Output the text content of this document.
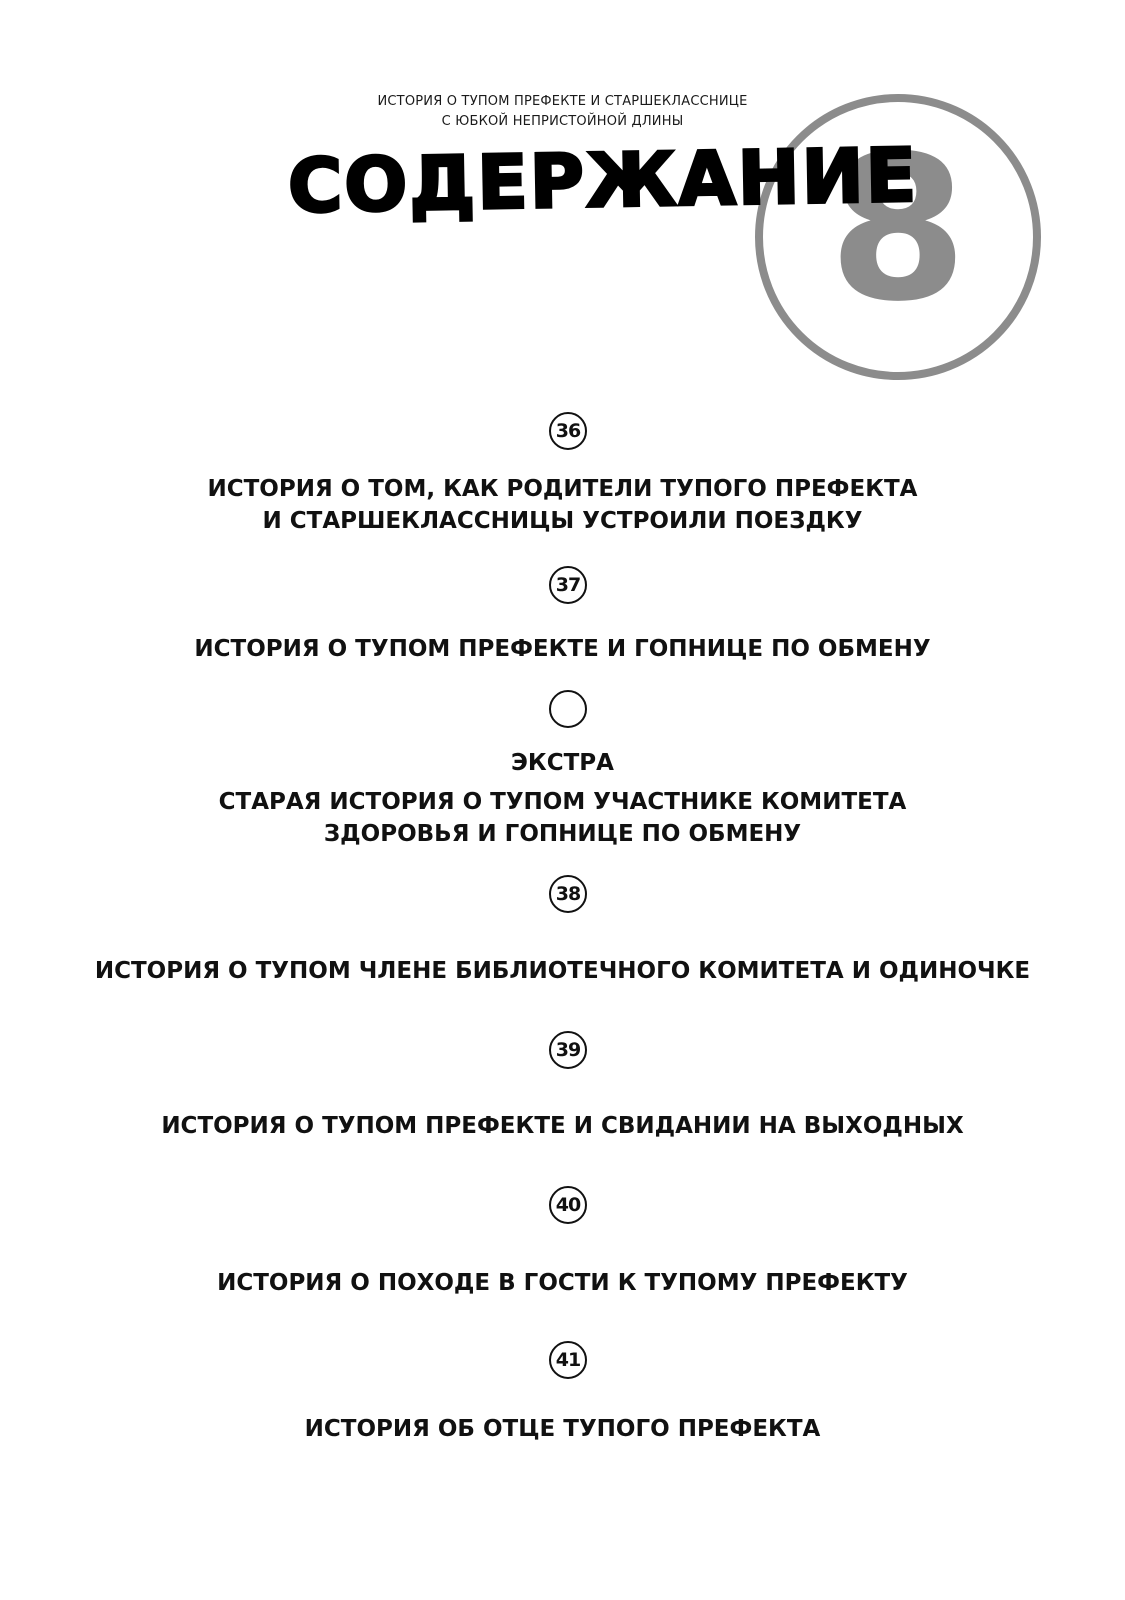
ИСТОРИЯ О ТУПОМ ПРЕФЕКТЕ И СТАРШЕКЛАССНИЦЕ
С ЮБКОЙ НЕПРИСТОЙНОЙ ДЛИНЫ 8
СОДЕРЖАНИЕ
36
ИСТОРИЯ О ТОМ, КАК РОДИТЕЛИ ТУПОГО ПРЕФЕКТА
И СТАРШЕКЛАССНИЦЫ УСТРОИЛИ ПОЕЗДКУ
37
ИСТОРИЯ О ТУПОМ ПРЕФЕКТЕ И ГОПНИЦЕ ПО ОБМЕНУ
ЭКСТРА
СТАРАЯ ИСТОРИЯ О ТУПОМ УЧАСТНИКЕ КОМИТЕТА
ЗДОРОВЬЯ И ГОПНИЦЕ ПО ОБМЕНУ
38
ИСТОРИЯ О ТУПОМ ЧЛЕНЕ БИБЛИОТЕЧНОГО КОМИТЕТА И ОДИНОЧКЕ
39
ИСТОРИЯ О ТУПОМ ПРЕФЕКТЕ И СВИДАНИИ НА ВЫХОДНЫХ
40
ИСТОРИЯ О ПОХОДЕ В ГОСТИ К ТУПОМУ ПРЕФЕКТУ
41
ИСТОРИЯ ОБ ОТЦЕ ТУПОГО ПРЕФЕКТА
